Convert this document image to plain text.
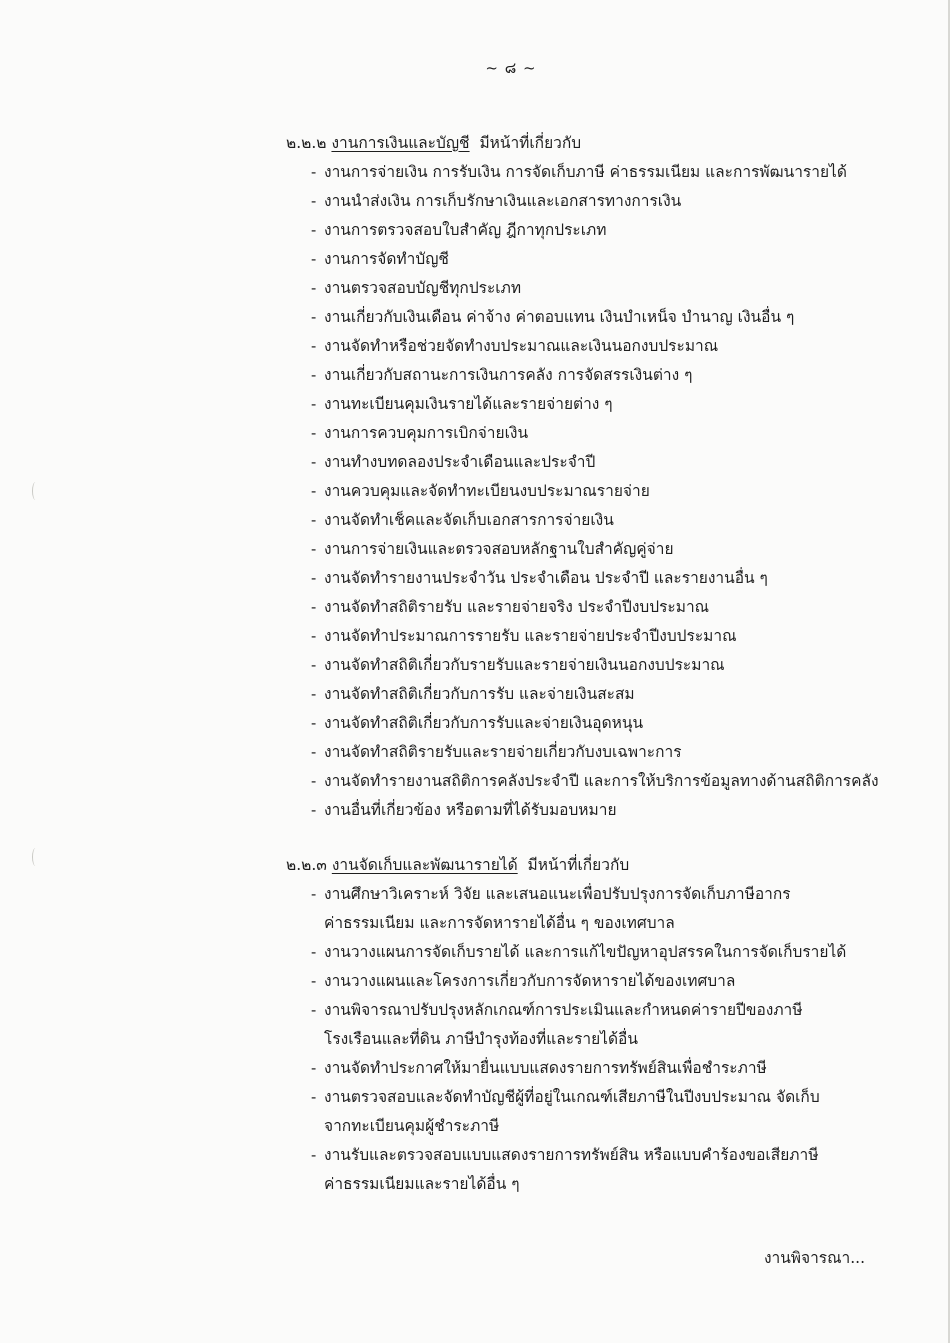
~ ๘ ~
๒.๒.๒ งานการเงินและบัญชี มีหน้าที่เกี่ยวกับ
- งานการจ่ายเงิน การรับเงิน การจัดเก็บภาษี ค่าธรรมเนียม และการพัฒนารายได้
- งานนำส่งเงิน การเก็บรักษาเงินและเอกสารทางการเงิน
- งานการตรวจสอบใบสำคัญ ฎีกาทุกประเภท
- งานการจัดทำบัญชี
- งานตรวจสอบบัญชีทุกประเภท
- งานเกี่ยวกับเงินเดือน ค่าจ้าง ค่าตอบแทน เงินบำเหน็จ บำนาญ เงินอื่น ๆ
- งานจัดทำหรือช่วยจัดทำงบประมาณและเงินนอกงบประมาณ
- งานเกี่ยวกับสถานะการเงินการคลัง การจัดสรรเงินต่าง ๆ
- งานทะเบียนคุมเงินรายได้และรายจ่ายต่าง ๆ
- งานการควบคุมการเบิกจ่ายเงิน
- งานทำงบทดลองประจำเดือนและประจำปี
- งานควบคุมและจัดทำทะเบียนงบประมาณรายจ่าย
- งานจัดทำเช็คและจัดเก็บเอกสารการจ่ายเงิน
- งานการจ่ายเงินและตรวจสอบหลักฐานใบสำคัญคู่จ่าย
- งานจัดทำรายงานประจำวัน ประจำเดือน ประจำปี และรายงานอื่น ๆ
- งานจัดทำสถิติรายรับ และรายจ่ายจริง ประจำปีงบประมาณ
- งานจัดทำประมาณการรายรับ และรายจ่ายประจำปีงบประมาณ
- งานจัดทำสถิติเกี่ยวกับรายรับและรายจ่ายเงินนอกงบประมาณ
- งานจัดทำสถิติเกี่ยวกับการรับ และจ่ายเงินสะสม
- งานจัดทำสถิติเกี่ยวกับการรับและจ่ายเงินอุดหนุน
- งานจัดทำสถิติรายรับและรายจ่ายเกี่ยวกับงบเฉพาะการ
- งานจัดทำรายงานสถิติการคลังประจำปี และการให้บริการข้อมูลทางด้านสถิติการคลัง
- งานอื่นที่เกี่ยวข้อง หรือตามที่ได้รับมอบหมาย
๒.๒.๓ งานจัดเก็บและพัฒนารายได้ มีหน้าที่เกี่ยวกับ
- งานศึกษาวิเคราะห์ วิจัย และเสนอแนะเพื่อปรับปรุงการจัดเก็บภาษีอากร
ค่าธรรมเนียม และการจัดหารายได้อื่น ๆ ของเทศบาล
- งานวางแผนการจัดเก็บรายได้ และการแก้ไขปัญหาอุปสรรคในการจัดเก็บรายได้
- งานวางแผนและโครงการเกี่ยวกับการจัดหารายได้ของเทศบาล
- งานพิจารณาปรับปรุงหลักเกณฑ์การประเมินและกำหนดค่ารายปีของภาษี
โรงเรือนและที่ดิน ภาษีบำรุงท้องที่และรายได้อื่น
- งานจัดทำประกาศให้มายื่นแบบแสดงรายการทรัพย์สินเพื่อชำระภาษี
- งานตรวจสอบและจัดทำบัญชีผู้ที่อยู่ในเกณฑ์เสียภาษีในปีงบประมาณ จัดเก็บ
จากทะเบียนคุมผู้ชำระภาษี
- งานรับและตรวจสอบแบบแสดงรายการทรัพย์สิน หรือแบบคำร้องขอเสียภาษี
ค่าธรรมเนียมและรายได้อื่น ๆ
งานพิจารณา...
